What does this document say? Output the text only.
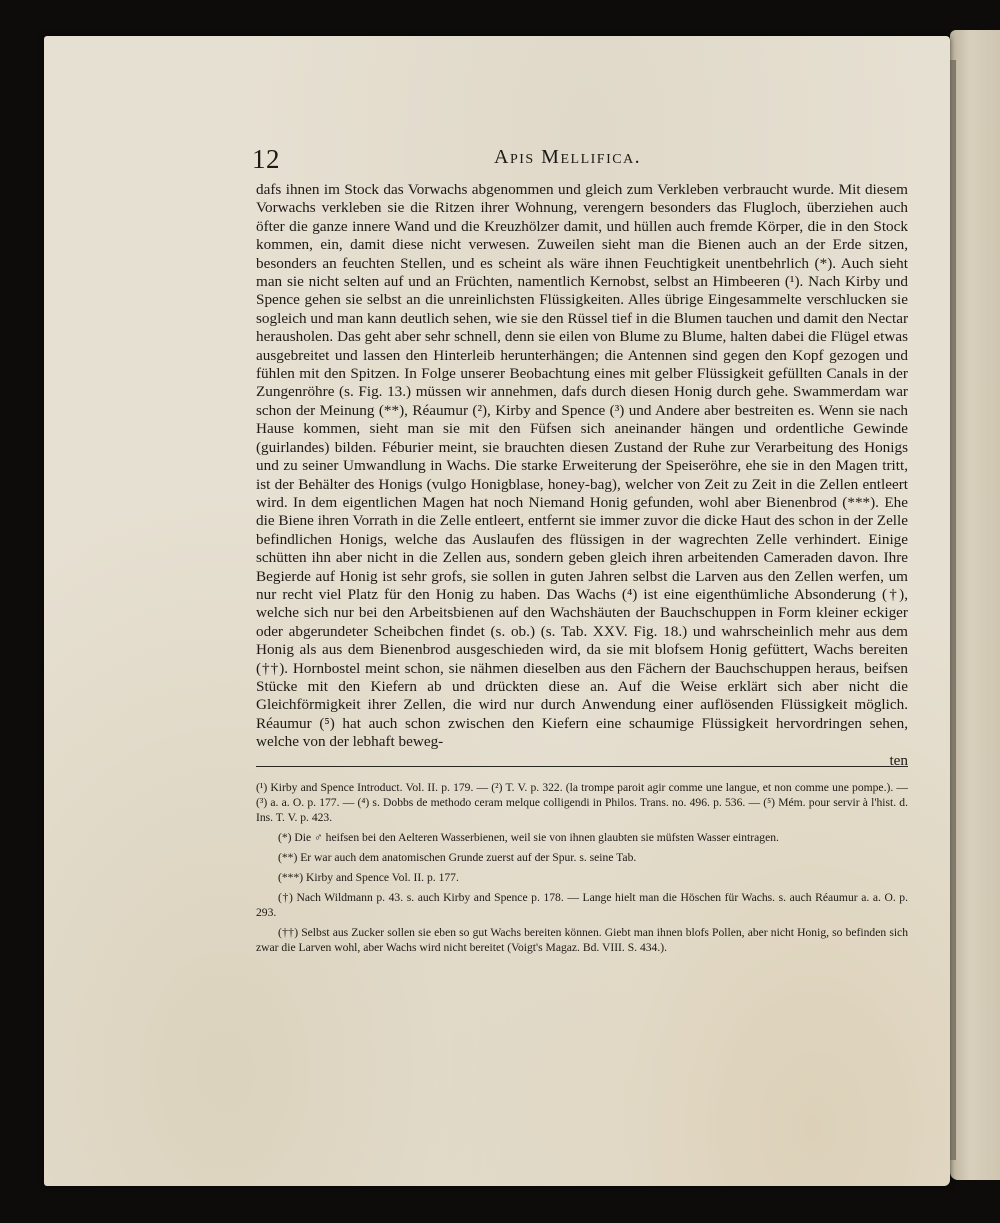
12	Apis Mellifica.

dafs ihnen im Stock das Vorwachs abgenommen und gleich zum Verkleben verbraucht wurde. Mit diesem Vorwachs verkleben sie die Ritzen ihrer Wohnung, verengern besonders das Flugloch, überziehen auch öfter die ganze innere Wand und die Kreuzhölzer damit, und hüllen auch fremde Körper, die in den Stock kommen, ein, damit diese nicht verwesen. Zuweilen sieht man die Bienen auch an der Erde sitzen, besonders an feuchten Stellen, und es scheint als wäre ihnen Feuchtigkeit unentbehrlich (*). Auch sieht man sie nicht selten auf und an Früchten, namentlich Kernobst, selbst an Himbeeren (¹). Nach Kirby und Spence gehen sie selbst an die unreinlichsten Flüssigkeiten. Alles übrige Eingesammelte verschlucken sie sogleich und man kann deutlich sehen, wie sie den Rüssel tief in die Blumen tauchen und damit den Nectar herausholen. Das geht aber sehr schnell, denn sie eilen von Blume zu Blume, halten dabei die Flügel etwas ausgebreitet und lassen den Hinterleib herunterhängen; die Antennen sind gegen den Kopf gezogen und fühlen mit den Spitzen. In Folge unserer Beobachtung eines mit gelber Flüssigkeit gefüllten Canals in der Zungenröhre (s. Fig. 13.) müssen wir annehmen, dafs durch diesen Honig durch gehe. Swammerdam war schon der Meinung (**), Réaumur (²), Kirby and Spence (³) und Andere aber bestreiten es. Wenn sie nach Hause kommen, sieht man sie mit den Füfsen sich aneinander hängen und ordentliche Gewinde (guirlandes) bilden. Féburier meint, sie brauchten diesen Zustand der Ruhe zur Verarbeitung des Honigs und zu seiner Umwandlung in Wachs. Die starke Erweiterung der Speiseröhre, ehe sie in den Magen tritt, ist der Behälter des Honigs (vulgo Honigblase, honey-bag), welcher von Zeit zu Zeit in die Zellen entleert wird. In dem eigentlichen Magen hat noch Niemand Honig gefunden, wohl aber Bienenbrod (***). Ehe die Biene ihren Vorrath in die Zelle entleert, entfernt sie immer zuvor die dicke Haut des schon in der Zelle befindlichen Honigs, welche das Auslaufen des flüssigen in der wagrechten Zelle verhindert. Einige schütten ihn aber nicht in die Zellen aus, sondern geben gleich ihren arbeitenden Cameraden davon. Ihre Begierde auf Honig ist sehr grofs, sie sollen in guten Jahren selbst die Larven aus den Zellen werfen, um nur recht viel Platz für den Honig zu haben. Das Wachs (⁴) ist eine eigenthümliche Absonderung (†), welche sich nur bei den Arbeitsbienen auf den Wachshäuten der Bauchschuppen in Form kleiner eckiger oder abgerundeter Scheibchen findet (s. ob.) (s. Tab. XXV. Fig. 18.) und wahrscheinlich mehr aus dem Honig als aus dem Bienenbrod ausgeschieden wird, da sie mit blofsem Honig gefüttert, Wachs bereiten (††). Hornbostel meint schon, sie nähmen dieselben aus den Fächern der Bauchschuppen heraus, beifsen Stücke mit den Kiefern ab und drückten diese an. Auf die Weise erklärt sich aber nicht die Gleichförmigkeit ihrer Zellen, die wird nur durch Anwendung einer auflösenden Flüssigkeit möglich. Réaumur (⁵) hat auch schon zwischen den Kiefern eine schaumige Flüssigkeit hervordringen sehen, welche von der lebhaft beweg-

ten

(¹) Kirby and Spence Introduct. Vol. II. p. 179. — (²) T. V. p. 322. (la trompe paroit agir comme une langue, et non comme une pompe.). — (³) a. a. O. p. 177. — (⁴) s. Dobbs de methodo ceram melque colligendi in Philos. Trans. no. 496. p. 536. — (⁵) Mém. pour servir à l'hist. d. Ins. T. V. p. 423.

(*) Die ♂ heifsen bei den Aelteren Wasserbienen, weil sie von ihnen glaubten sie müfsten Wasser eintragen.

(**) Er war auch dem anatomischen Grunde zuerst auf der Spur. s. seine Tab.

(***) Kirby and Spence Vol. II. p. 177.

(†) Nach Wildmann p. 43. s. auch Kirby and Spence p. 178. — Lange hielt man die Höschen für Wachs. s. auch Réaumur a. a. O. p. 293.

(††) Selbst aus Zucker sollen sie eben so gut Wachs bereiten können. Giebt man ihnen blofs Pollen, aber nicht Honig, so befinden sich zwar die Larven wohl, aber Wachs wird nicht bereitet (Voigt's Magaz. Bd. VIII. S. 434.).
